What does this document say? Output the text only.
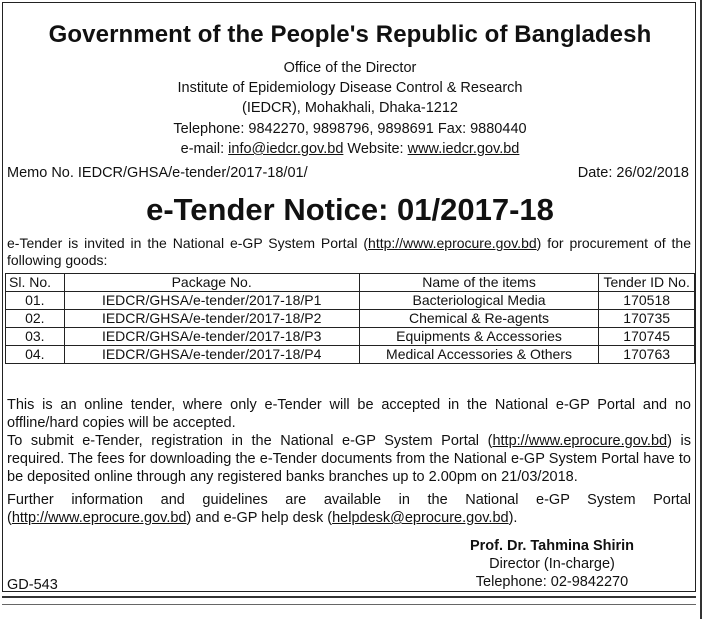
Government of the People's Republic of Bangladesh
Office of the Director
Institute of Epidemiology Disease Control & Research
(IEDCR), Mohakhali, Dhaka-1212
Telephone: 9842270, 9898796, 9898691 Fax: 9880440
e-mail: info@iedcr.gov.bd Website: www.iedcr.gov.bd
Memo No. IEDCR/GHSA/e-tender/2017-18/01/	Date: 26/02/2018
e-Tender Notice: 01/2017-18
e-Tender is invited in the National e-GP System Portal (http://www.eprocure.gov.bd) for procurement of the following goods:
Sl. No.	Package No.	Name of the items	Tender ID No.
01.	IEDCR/GHSA/e-tender/2017-18/P1	Bacteriological Media	170518
02.	IEDCR/GHSA/e-tender/2017-18/P2	Chemical & Re-agents	170735
03.	IEDCR/GHSA/e-tender/2017-18/P3	Equipments & Accessories	170745
04.	IEDCR/GHSA/e-tender/2017-18/P4	Medical Accessories & Others	170763
This is an online tender, where only e-Tender will be accepted in the National e-GP Portal and no offline/hard copies will be accepted.
To submit e-Tender, registration in the National e-GP System Portal (http://www.eprocure.gov.bd) is required. The fees for downloading the e-Tender documents from the National e-GP System Portal have to be deposited online through any registered banks branches up to 2.00pm on 21/03/2018.
Further information and guidelines are available in the National e-GP System Portal
(http://www.eprocure.gov.bd) and e-GP help desk (helpdesk@eprocure.gov.bd).
Prof. Dr. Tahmina Shirin
Director (In-charge)
Telephone: 02-9842270
GD-543
